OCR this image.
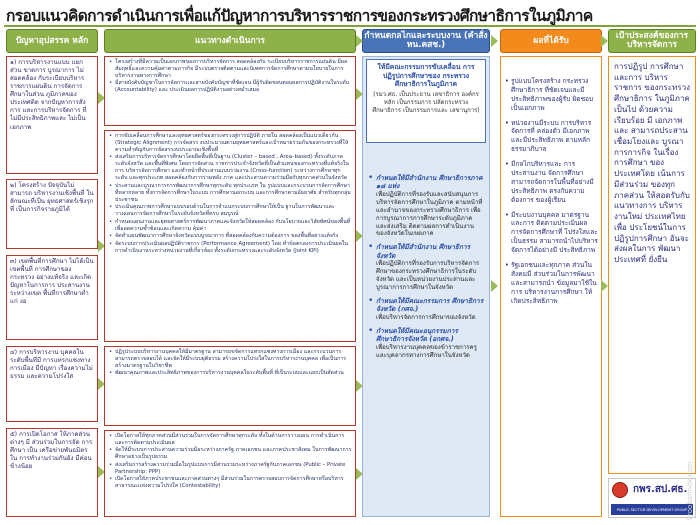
กรอบแนวคิดการดำเนินการเพื่อแก้ปัญหาการบริหารราชการของกระทรวงศึกษาธิการในภูมิภาค
ปัญหาอุปสรรค หลัก	แนวทางดำเนินการ	กำหนดกลไกและระบบงาน (คำสั่ง หน.คสช.)	ผลที่ได้รับ	เป้าประสงค์ของการ บริหารจัดการ
๑) การบริหารงานแบบ แยกส่วน ขาดการ บูรณาการ ไม่สอดคล้อง กับระเบียบบริหาร ราชการแผ่นดิน การจัดการศึกษาในส่วน ภูมิภาคของประเทศติด จากปัญหาการสั่งการ และการบริหารจัดการ ที่ไม่มีประสิทธิภาพและ ไม่เป็นเอกภาพ
๒) โครงสร้าง ปัจจุบันไม่สามารถ บริหารงานเชิงพื้นที่ ในลักษณะที่เป็น ยุทธศาสตร์เชิงรุกที่ เป็นการกิจรายภูมิได้
๓) เขตพื้นที่การศึกษา ไม่ได้เป็นเขตพื้นที่ การศึกษาของกระทรวง อย่างแท้จริง และเกิด ปัญหาในการการ ประสานงานระหว่างเขต พื้นที่การศึกษาต่ำแก่ งอ
๔) การบริหารงาน บุคคลในระดับพื้นที่มี การแทรกแซงทาง การเมือง มีปัญหา เรื่องความไม่ธรรม และความโปร่งใส
๕) การเปิดโอกาส ให้ภาคส่วนต่างๆ มี ส่วนร่วมในการจัด การศึกษา เป็น เครือข่ายพันธมิตรใน การทำงานร่วมกันยัง มีค่อนข้างน้อย
• โครงสร้างที่มีความเป็นเอกภาพของการบริหารจัดการ สอดคล้องกับ ระเบียบบริหารราชการแผ่นดิน มีผลสัมฤทธิ์และความคุ้มค่าตามภารกิจ มีระบบตรวจติดตามและนิเทศการจัดการศึกษาตามนโยบายในการ บริหารงานทางการศึกษา
• มีสายบังคับบัญชาในการจัดการและสายบังคับบัญชาที่ชัดเจน มีผู้รับผิดชอบตอบผลการปฏิบัติงานในระดับ (Accountability) และ ประเมินผลการปฏิบัติงานอย่างสม่ำเสมอ
• การขับเคลื่อนการศึกษาและยุทธศาสตร์ของกระทรวงสู่การปฏิบัติ ภายใน สอดคล้องเป็นแนวเดียวกัน (Strategic Alignment) การจัดสรร งบประมาณตามยุทธศาสตร์และเป้าหมายร่วมกันของกระทรวงที่ให้ ความสำคัญกับการจัดสรรงบประมาณเชิงพื้นที่
• ส่งเสริมการบริหารจัดการศึกษาโดยยึดพื้นที่เป็นฐาน (Cluster – based , Area–based) ทั้งระดับภาค ระดับจังหวัด และพื้นที่พิเศษ โดยการจัดส่วน ราชการประจำจังหวัดที่เป็นตัวแทนของกระทรวงที่แท้จริงในการ บริหารจัดการศึกษา และทำหน้าที่ประสานแบบรวมงาน (Cross-function) ระหว่างการศึกษาทุกระดับ และทุกประเภท สอดคล้องกับการรวมพลัง ภาค และประสานความร่วมมือกับทุกภาคส่วนในจังหวัด
• ประสานและบูรณาการการพัฒนาการศึกษาทุกระดับ ทุกประเภท ใน รูปแบบและกระบวนการจัดการศึกษาที่หลากหลาย ทั้งการจัดการศึกษาในระบบ การศึกษานอกระบบ และการศึกษาตามอัธยาศัย สำหรับทุกกลุ่มประชาชน
• ประเมินคุณภาพการศึกษาแบบรอบด้านในการจำแนกระบบการศึกษาให้เป็น ฐานในการพัฒนาและวางแผนการจัดการศึกษาในระดับจังหวัดที่ครบ สมบูรณ์
• กำหนดแผนงานและยุทธศาสตร์การพัฒนาภาคและจังหวัดให้สอดคล้อง กับนโยบายและวิสัยทัศน์ของพื้นที่ เพื่อลดความซ้ำซ้อนและเกิดความ คุ้มค่า
• จัดทำแผนพัฒนาการศึกษาจังหวัดแบบบูรณาการ ที่สอดคล้องกับความต้องการ ของพื้นที่อย่างแท้จริง
• จัดระบบการประเมินผลปฏิบัติราชการ (Performance Agreement) โดย ทำข้อตกลงการประเมินผลในการดำเนินงานระหว่างหน่วยงานที่เกี่ยวข้อง ทั้งระดับกระทรวงและระดับจังหวัด (Joint KPI)
• ปฏิรูประบบบริหารงานบุคคลให้มีมาตรฐาน สามารถขจัดการแทรกแซงทางการเมือง และกระบวนการ สามารถตรวจสอบได้ และจัดให้มีระบบยุติธรรม สร้างความโปร่งใสในการบริหารงานบุคคล เพื่อเป็นการสร้างมาตรฐานในวิชาชีพ
• พัฒนาคุณภาพและประสิทธิภาพของการบริหารงานบุคคลในระดับพื้นที่ ที่เป็นระบบและแยกเป็นสัดส่วน
• เปิดโอกาสให้ทุกภาคส่วนมีส่วนร่วมในการจัดการศึกษาทุกระดับ ทั้งในด้านการวางแผน การดำเนินการ และการติดตามประเมินผล
• จัดให้มีระบบการประสานความร่วมมือระหว่างภาครัฐ ภาคเอกชน และภาคประชาสังคม ในการพัฒนาการศึกษาอย่างเป็นรูปธรรม
• ส่งเสริมการสร้างความร่วมมือในรูปแบบการมีส่วนร่วมระหว่างภาครัฐกับภาคเอกชน (Public – Private Partnership: PPP)
• เปิดโอกาสให้ภาคประชาชนและภาคส่วนต่างๆ มีส่วนร่วมในการตรวจสอบการจัดการศึกษาหรือบริหารสาธารณะแห่งความโปร่งใส (Contestability)
ให้มีคณะกรรมการขับเคลื่อน การปฏิรูปการศึกษาของ กระทรวงศึกษาธิการในภูมิภาค
(รมว.ศธ. เป็นประธาน เลขาธิการ องค์กรหลัก เป็นกรรมการ ปลัดกระทรวง ศึกษาธิการ เป็นกรรมการและ เลขานุการ)
• กำหนดให้มีสำนักงาน ศึกษาธิการภาค ๑๘ แห่ง
เพื่อปฏิบัติการที่รองรับและสนับสนุนการบริหารจัดการศึกษาในภูมิภาค ตามหน้าที่และอำนาจของกระทรวงศึกษาธิการ เพื่อการบูรณาการการศึกษาระดับภูมิภาค และส่งเสริม ติดตามผลการดำเนินงานของจังหวัดในเขตภาค
• กำหนดให้มีสำนักงาน ศึกษาธิการจังหวัด
เพื่อปฏิบัติการที่รองรับการบริหารจัดการศึกษาของกระทรวงศึกษาธิการในระดับจังหวัด และเป็นหน่วยงานประสานและบูรณาการการศึกษาในจังหวัด
• กำหนดให้มีคณะกรรมการ ศึกษาธิการจังหวัด (กศจ.)
เพื่อบริหารจัดการการศึกษาของจังหวัด
• กำหนดให้มีคณะอนุกรรมการ ศึกษาธิการจังหวัด (อกศจ.)
เพื่อบริหารงานบุคคลของข้าราชการครูและบุคลากรทางการศึกษาในจังหวัด
• รูปแบบโครงสร้าง กระทรวงศึกษาธิการ ที่ชัดเจนและมี ประสิทธิภาพของผู้รับ ผิดชอบเป็นเอกภาพ
• หน่วยงานมีระบบ การบริหารจัดการที่ คล่องตัว มีเอกภาพ และมีประสิทธิภาพ ตามหลัก ธรรมาภิบาล
• มีกลไกบริหารและ การประสานงาน จัดการศึกษา สามารถจัดการในพื้นที่อย่างมี ประสิทธิภาพ ตรงกับความต้องการ ของผู้เรียน
• มีระบบงานบุคคล มาตรฐานและการ ติดตามประเมินผล การจัดการศึกษาที่ โปร่งใสและเป็นธรรม สามารถนำไปบริหาร จัดการได้อย่างมี ประสิทธิภาพ
• รัฐเอกชนและทุกภาค ส่วนในสังคมมี ส่วนร่วมในการพัฒนา และสามารถนำ ข้อมูลมาใช้ในการ บริหารงานการศึกษา ให้เกิดประสิทธิภาพ
การปฏิรูป การศึกษาและการ บริหารราชการ ของกระทรวง ศึกษาธิการ ในภูมิภาคเป็นไป ด้วยความ เรียบร้อย มี เอกภาพ และ สามารถประสาน เชื่อมโยงและ บูรณาการการกิจ ในเรื่องการศึกษา ของประเทศโดย เน้นการมีส่วนร่วม ของทุกภาคส่วน ให้สอดรับกับ แนวทางการ บริหารงานใหม่ ประเทศไทย เพื่อ ประโยชน์ในการ ปฏิรูปการศึกษา อันจะส่งผลในการ พัฒนาประเทศที่ ยั่งยืน
กพร.สป.ศธ.
PUBLIC SECTOR DEVELOPMENT GROUP
kroobannok.com
